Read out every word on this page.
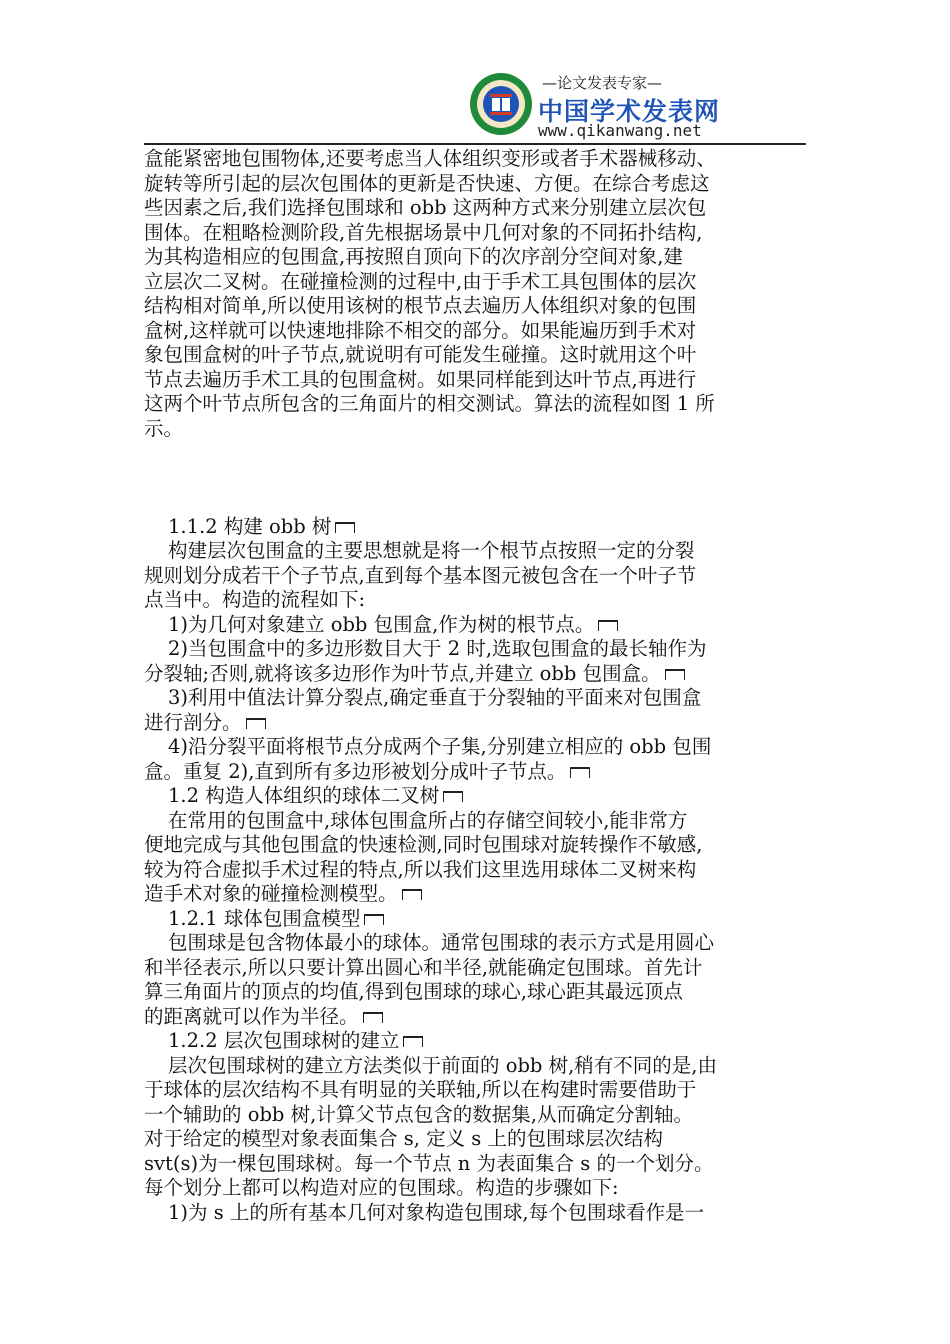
—论文发表专家—
中国学术发表网
www.qikanwang.net
盒能紧密地包围物体,还要考虑当人体组织变形或者手术器械移动、
旋转等所引起的层次包围体的更新是否快速、方便。在综合考虑这
些因素之后,我们选择包围球和 obb 这两种方式来分别建立层次包
围体。在粗略检测阶段,首先根据场景中几何对象的不同拓扑结构,
为其构造相应的包围盒,再按照自顶向下的次序剖分空间对象,建
立层次二叉树。在碰撞检测的过程中,由于手术工具包围体的层次
结构相对简单,所以使用该树的根节点去遍历人体组织对象的包围
盒树,这样就可以快速地排除不相交的部分。如果能遍历到手术对
象包围盒树的叶子节点,就说明有可能发生碰撞。这时就用这个叶
节点去遍历手术工具的包围盒树。如果同样能到达叶节点,再进行
这两个叶节点所包含的三角面片的相交测试。算法的流程如图 1 所
示。
1.1.2 构建 obb 树
构建层次包围盒的主要思想就是将一个根节点按照一定的分裂
规则划分成若干个子节点,直到每个基本图元被包含在一个叶子节
点当中。构造的流程如下:
1)为几何对象建立 obb 包围盒,作为树的根节点。
2)当包围盒中的多边形数目大于 2 时,选取包围盒的最长轴作为
分裂轴;否则,就将该多边形作为叶节点,并建立 obb 包围盒。
3)利用中值法计算分裂点,确定垂直于分裂轴的平面来对包围盒
进行剖分。
4)沿分裂平面将根节点分成两个子集,分别建立相应的 obb 包围
盒。重复 2),直到所有多边形被划分成叶子节点。
1.2 构造人体组织的球体二叉树
在常用的包围盒中,球体包围盒所占的存储空间较小,能非常方
便地完成与其他包围盒的快速检测,同时包围球对旋转操作不敏感,
较为符合虚拟手术过程的特点,所以我们这里选用球体二叉树来构
造手术对象的碰撞检测模型。
1.2.1 球体包围盒模型
包围球是包含物体最小的球体。通常包围球的表示方式是用圆心
和半径表示,所以只要计算出圆心和半径,就能确定包围球。首先计
算三角面片的顶点的均值,得到包围球的球心,球心距其最远顶点
的距离就可以作为半径。
1.2.2 层次包围球树的建立
层次包围球树的建立方法类似于前面的 obb 树,稍有不同的是,由
于球体的层次结构不具有明显的关联轴,所以在构建时需要借助于
一个辅助的 obb 树,计算父节点包含的数据集,从而确定分割轴。
对于给定的模型对象表面集合 s, 定义 s 上的包围球层次结构
svt(s)为一棵包围球树。每一个节点 n 为表面集合 s 的一个划分。
每个划分上都可以构造对应的包围球。构造的步骤如下:
1)为 s 上的所有基本几何对象构造包围球,每个包围球看作是一
